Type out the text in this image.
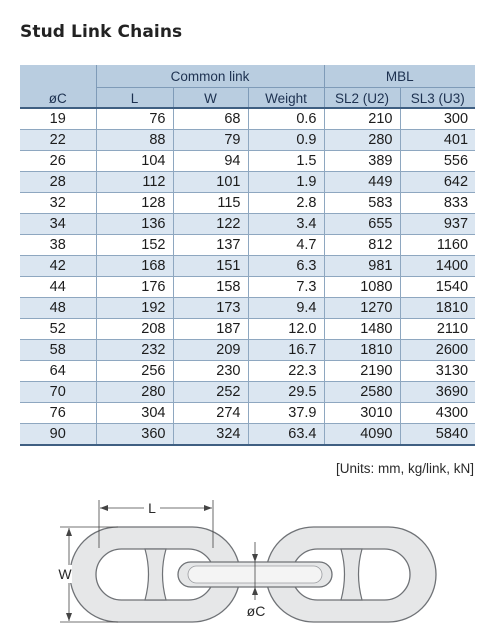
Stud Link Chains
	Common link			MBL	
øC	L	W	Weight	SL2 (U2)	SL3 (U3)
19	76	68	0.6	210	300
22	88	79	0.9	280	401
26	104	94	1.5	389	556
28	112	101	1.9	449	642
32	128	115	2.8	583	833
34	136	122	3.4	655	937
38	152	137	4.7	812	1160
42	168	151	6.3	981	1400
44	176	158	7.3	1080	1540
48	192	173	9.4	1270	1810
52	208	187	12.0	1480	2110
58	232	209	16.7	1810	2600
64	256	230	22.3	2190	3130
70	280	252	29.5	2580	3690
76	304	274	37.9	3010	4300
90	360	324	63.4	4090	5840
[Units: mm, kg/link, kN]
L
W
øC
